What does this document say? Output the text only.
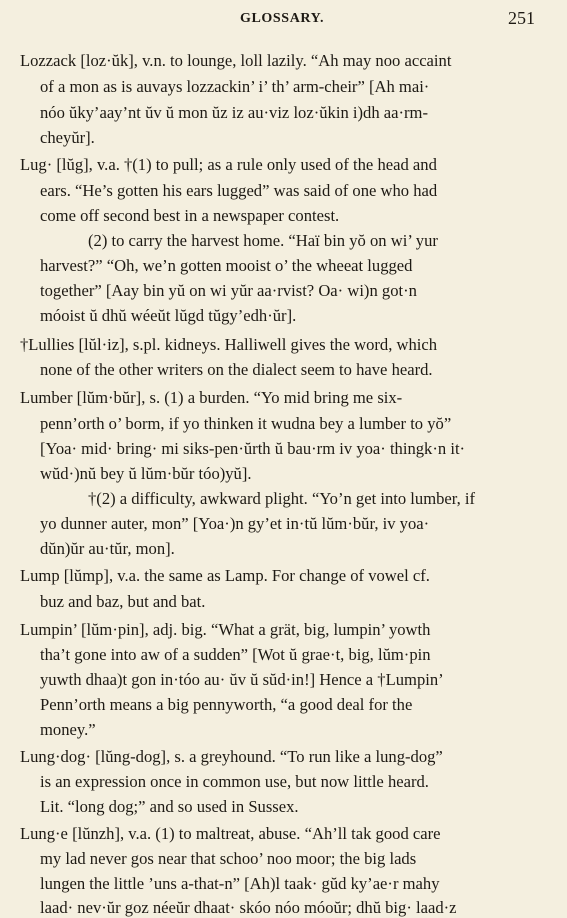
GLOSSARY.	251
Lozzack [loz·ŭk], v.n. to lounge, loll lazily. “Ah may noo accaint
of a mon as is auvays lozzackin’ i’ th’ arm-cheir” [Ah mai·
nóo ŭky’aay’nt ŭv ŭ mon ŭz iz au·viz loz·ŭkin i)dh aa·rm-
cheyŭr].
Lug· [lŭg], v.a. †(1) to pull; as a rule only used of the head and
ears. “He’s gotten his ears lugged” was said of one who had
come off second best in a newspaper contest.
(2) to carry the harvest home. “Haï bin yŏ on wi’ yur
harvest?” “Oh, we’n gotten mooist o’ the wheeat lugged
together” [Aay bin yŭ on wi yŭr aa·rvist? Oa· wi)n got·n
móoist ŭ dhŭ wéeŭt lŭgd tŭgy’edh·ŭr].
†Lullies [lŭl·iz], s.pl. kidneys. Halliwell gives the word, which
none of the other writers on the dialect seem to have heard.
Lumber [lŭm·bŭr], s. (1) a burden. “Yo mid bring me six-
penn’orth o’ borm, if yo thinken it wudna bey a lumber to yŏ”
[Yoa· mid· bring· mi siks-pen·ŭrth ŭ bau·rm iv yoa· thingk·n it·
wŭd·)nŭ bey ŭ lŭm·bŭr tóo)yŭ].
†(2) a difficulty, awkward plight. “Yo’n get into lumber, if
yo dunner auter, mon” [Yoa·)n gy’et in·tŭ lŭm·bŭr, iv yoa·
dŭn)ŭr au·tŭr, mon].
Lump [lŭmp], v.a. the same as Lamp. For change of vowel cf.
buz and baz, but and bat.
Lumpin’ [lŭm·pin], adj. big. “What a grät, big, lumpin’ yowth
tha’t gone into aw of a sudden” [Wot ŭ grae·t, big, lŭm·pin
yuwth dhaa)t gon in·tóo au· ŭv ŭ sŭd·in!] Hence a †Lumpin’
Penn’orth means a big pennyworth, “a good deal for the
money.”
Lung·dog· [lŭng-dog], s. a greyhound. “To run like a lung-dog”
is an expression once in common use, but now little heard.
Lit. “long dog;” and so used in Sussex.
Lung·e [lŭnzh], v.a. (1) to maltreat, abuse. “Ah’ll tak good care
my lad never gos near that schoo’ noo moor; the big lads
lungen the little ’uns a-that-n” [Ah)l taak· gŭd ky’ae·r mahy
laad· nev·ŭr goz néeŭr dhaat· skóo nóo móoŭr; dhŭ big· laad·z
